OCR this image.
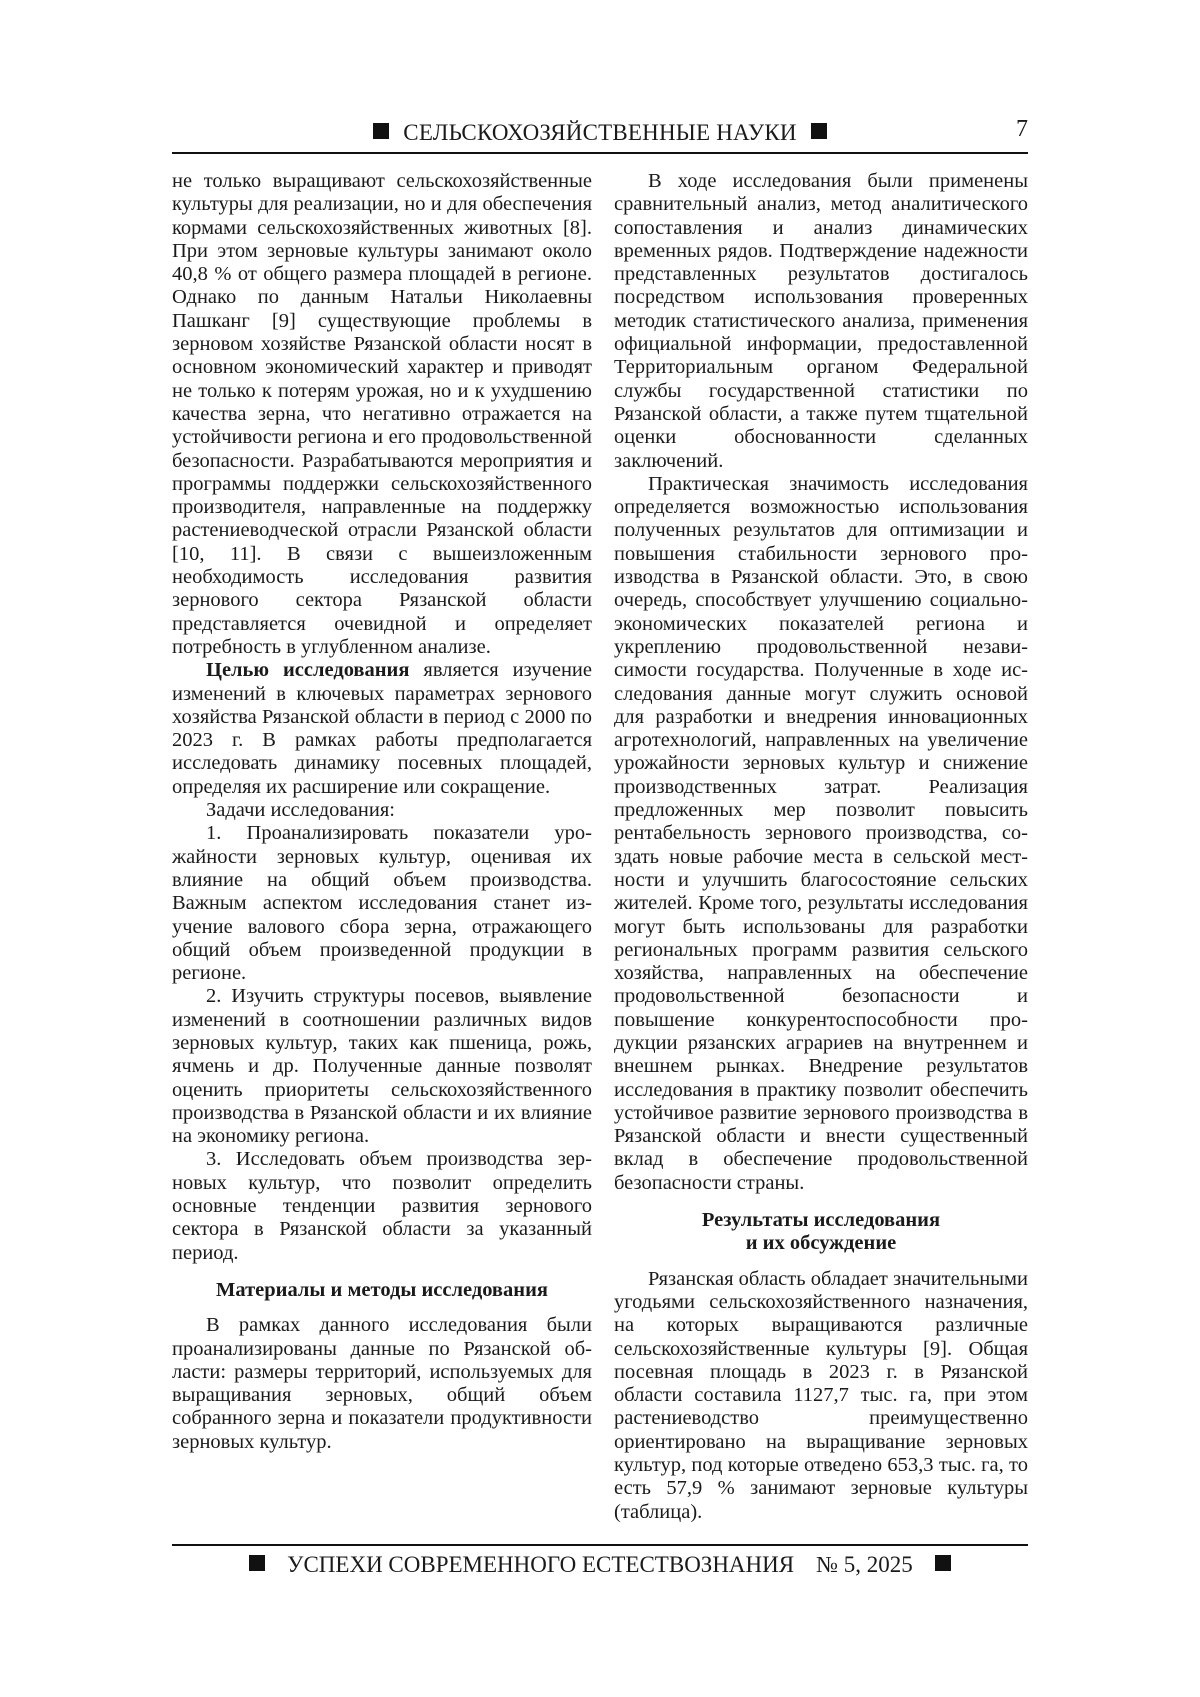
СЕЛЬСКОХОЗЯЙСТВЕННЫЕ НАУКИ	7

не только выращивают сельскохозяйственные культуры для реализации, но и для обеспечения кормами сельскохозяйственных животных [8]. При этом зерновые культуры занимают около 40,8 % от общего размера площадей в регионе. Однако по данным Натальи Николаевны Пашканг [9] существующие проблемы в зерновом хозяйстве Рязанской области носят в основном экономический характер и приводят не только к потерям урожая, но и к ухудшению качества зерна, что негативно отражается на устойчивости региона и его продовольственной безопасности. Разрабатываются мероприятия и программы поддержки сельскохозяйственного производителя, направленные на поддержку растениеводческой отрасли Рязанской области [10, 11]. В связи с вышеизложенным необходимость исследования развития зернового сектора Рязанской области представляется очевидной и определяет потребность в углубленном анализе.

Целью исследования является изучение изменений в ключевых параметрах зернового хозяйства Рязанской области в период с 2000 по 2023 г. В рамках работы предполагается исследовать динамику посевных площадей, определяя их расширение или сокращение.

Задачи исследования:

1. Проанализировать показатели урожайности зерновых культур, оценивая их влияние на общий объем производства. Важным аспектом исследования станет изучение валового сбора зерна, отражающего общий объем произведенной продукции в регионе.

2. Изучить структуры посевов, выявление изменений в соотношении различных видов зерновых культур, таких как пшеница, рожь, ячмень и др. Полученные данные позволят оценить приоритеты сельскохозяйственного производства в Рязанской области и их влияние на экономику региона.

3. Исследовать объем производства зерновых культур, что позволит определить основные тенденции развития зернового сектора в Рязанской области за указанный период.

Материалы и методы исследования

В рамках данного исследования были проанализированы данные по Рязанской области: размеры территорий, используемых для выращивания зерновых, общий объем собранного зерна и показатели продуктивности зерновых культур.

В ходе исследования были применены сравнительный анализ, метод аналитического сопоставления и анализ динамических временных рядов. Подтверждение надежности представленных результатов достигалось посредством использования проверенных методик статистического анализа, применения официальной информации, предоставленной Территориальным органом Федеральной службы государственной статистики по Рязанской области, а также путем тщательной оценки обоснованности сделанных заключений.

Практическая значимость исследования определяется возможностью использования полученных результатов для оптимизации и повышения стабильности зернового производства в Рязанской области. Это, в свою очередь, способствует улучшению социально-экономических показателей региона и укреплению продовольственной независимости государства. Полученные в ходе исследования данные могут служить основой для разработки и внедрения инновационных агротехнологий, направленных на увеличение урожайности зерновых культур и снижение производственных затрат. Реализация предложенных мер позволит повысить рентабельность зернового производства, создать новые рабочие места в сельской местности и улучшить благосостояние сельских жителей. Кроме того, результаты исследования могут быть использованы для разработки региональных программ развития сельского хозяйства, направленных на обеспечение продовольственной безопасности и повышение конкурентоспособности продукции рязанских аграриев на внутреннем и внешнем рынках. Внедрение результатов исследования в практику позволит обеспечить устойчивое развитие зернового производства в Рязанской области и внести существенный вклад в обеспечение продовольственной безопасности страны.

Результаты исследования
и их обсуждение

Рязанская область обладает значительными угодьями сельскохозяйственного назначения, на которых выращиваются различные сельскохозяйственные культуры [9]. Общая посевная площадь в 2023 г. в Рязанской области составила 1127,7 тыс. га, при этом растениеводство преимущественно ориентировано на выращивание зерновых культур, под которые отведено 653,3 тыс. га, то есть 57,9 % занимают зерновые культуры (таблица).

УСПЕХИ СОВРЕМЕННОГО ЕСТЕСТВОЗНАНИЯ № 5, 2025
